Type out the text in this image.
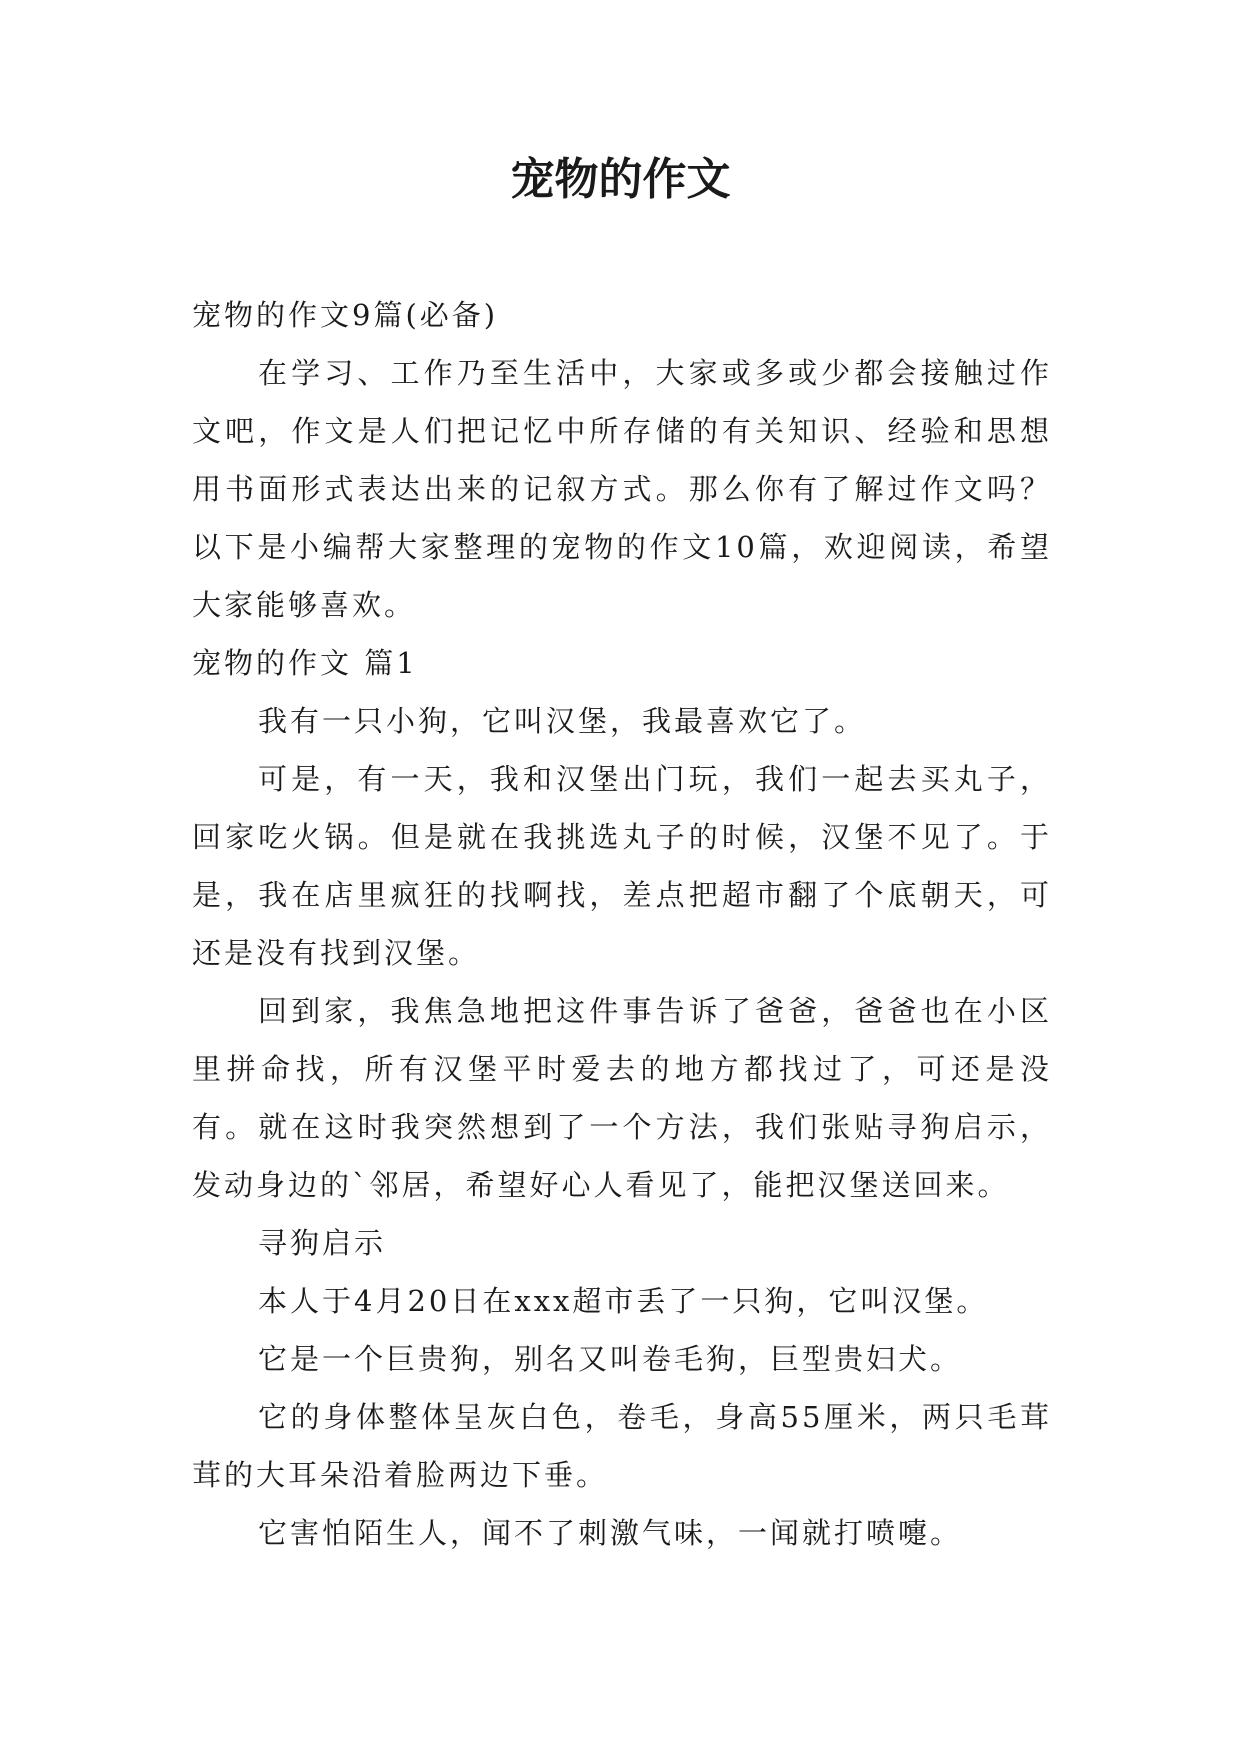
宠物的作文

宠物的作文9篇(必备)

在学习、工作乃至生活中，大家或多或少都会接触过作文吧，作文是人们把记忆中所存储的有关知识、经验和思想用书面形式表达出来的记叙方式。那么你有了解过作文吗？以下是小编帮大家整理的宠物的作文10篇，欢迎阅读，希望大家能够喜欢。

宠物的作文 篇1

我有一只小狗，它叫汉堡，我最喜欢它了。

可是，有一天，我和汉堡出门玩，我们一起去买丸子，回家吃火锅。但是就在我挑选丸子的时候，汉堡不见了。于是，我在店里疯狂的找啊找，差点把超市翻了个底朝天，可还是没有找到汉堡。

回到家，我焦急地把这件事告诉了爸爸，爸爸也在小区里拼命找，所有汉堡平时爱去的地方都找过了，可还是没有。就在这时我突然想到了一个方法，我们张贴寻狗启示，发动身边的`邻居，希望好心人看见了，能把汉堡送回来。

寻狗启示

本人于4月20日在xxx超市丢了一只狗，它叫汉堡。

它是一个巨贵狗，别名又叫卷毛狗，巨型贵妇犬。

它的身体整体呈灰白色，卷毛，身高55厘米，两只毛茸茸的大耳朵沿着脸两边下垂。

它害怕陌生人，闻不了刺激气味，一闻就打喷嚏。
